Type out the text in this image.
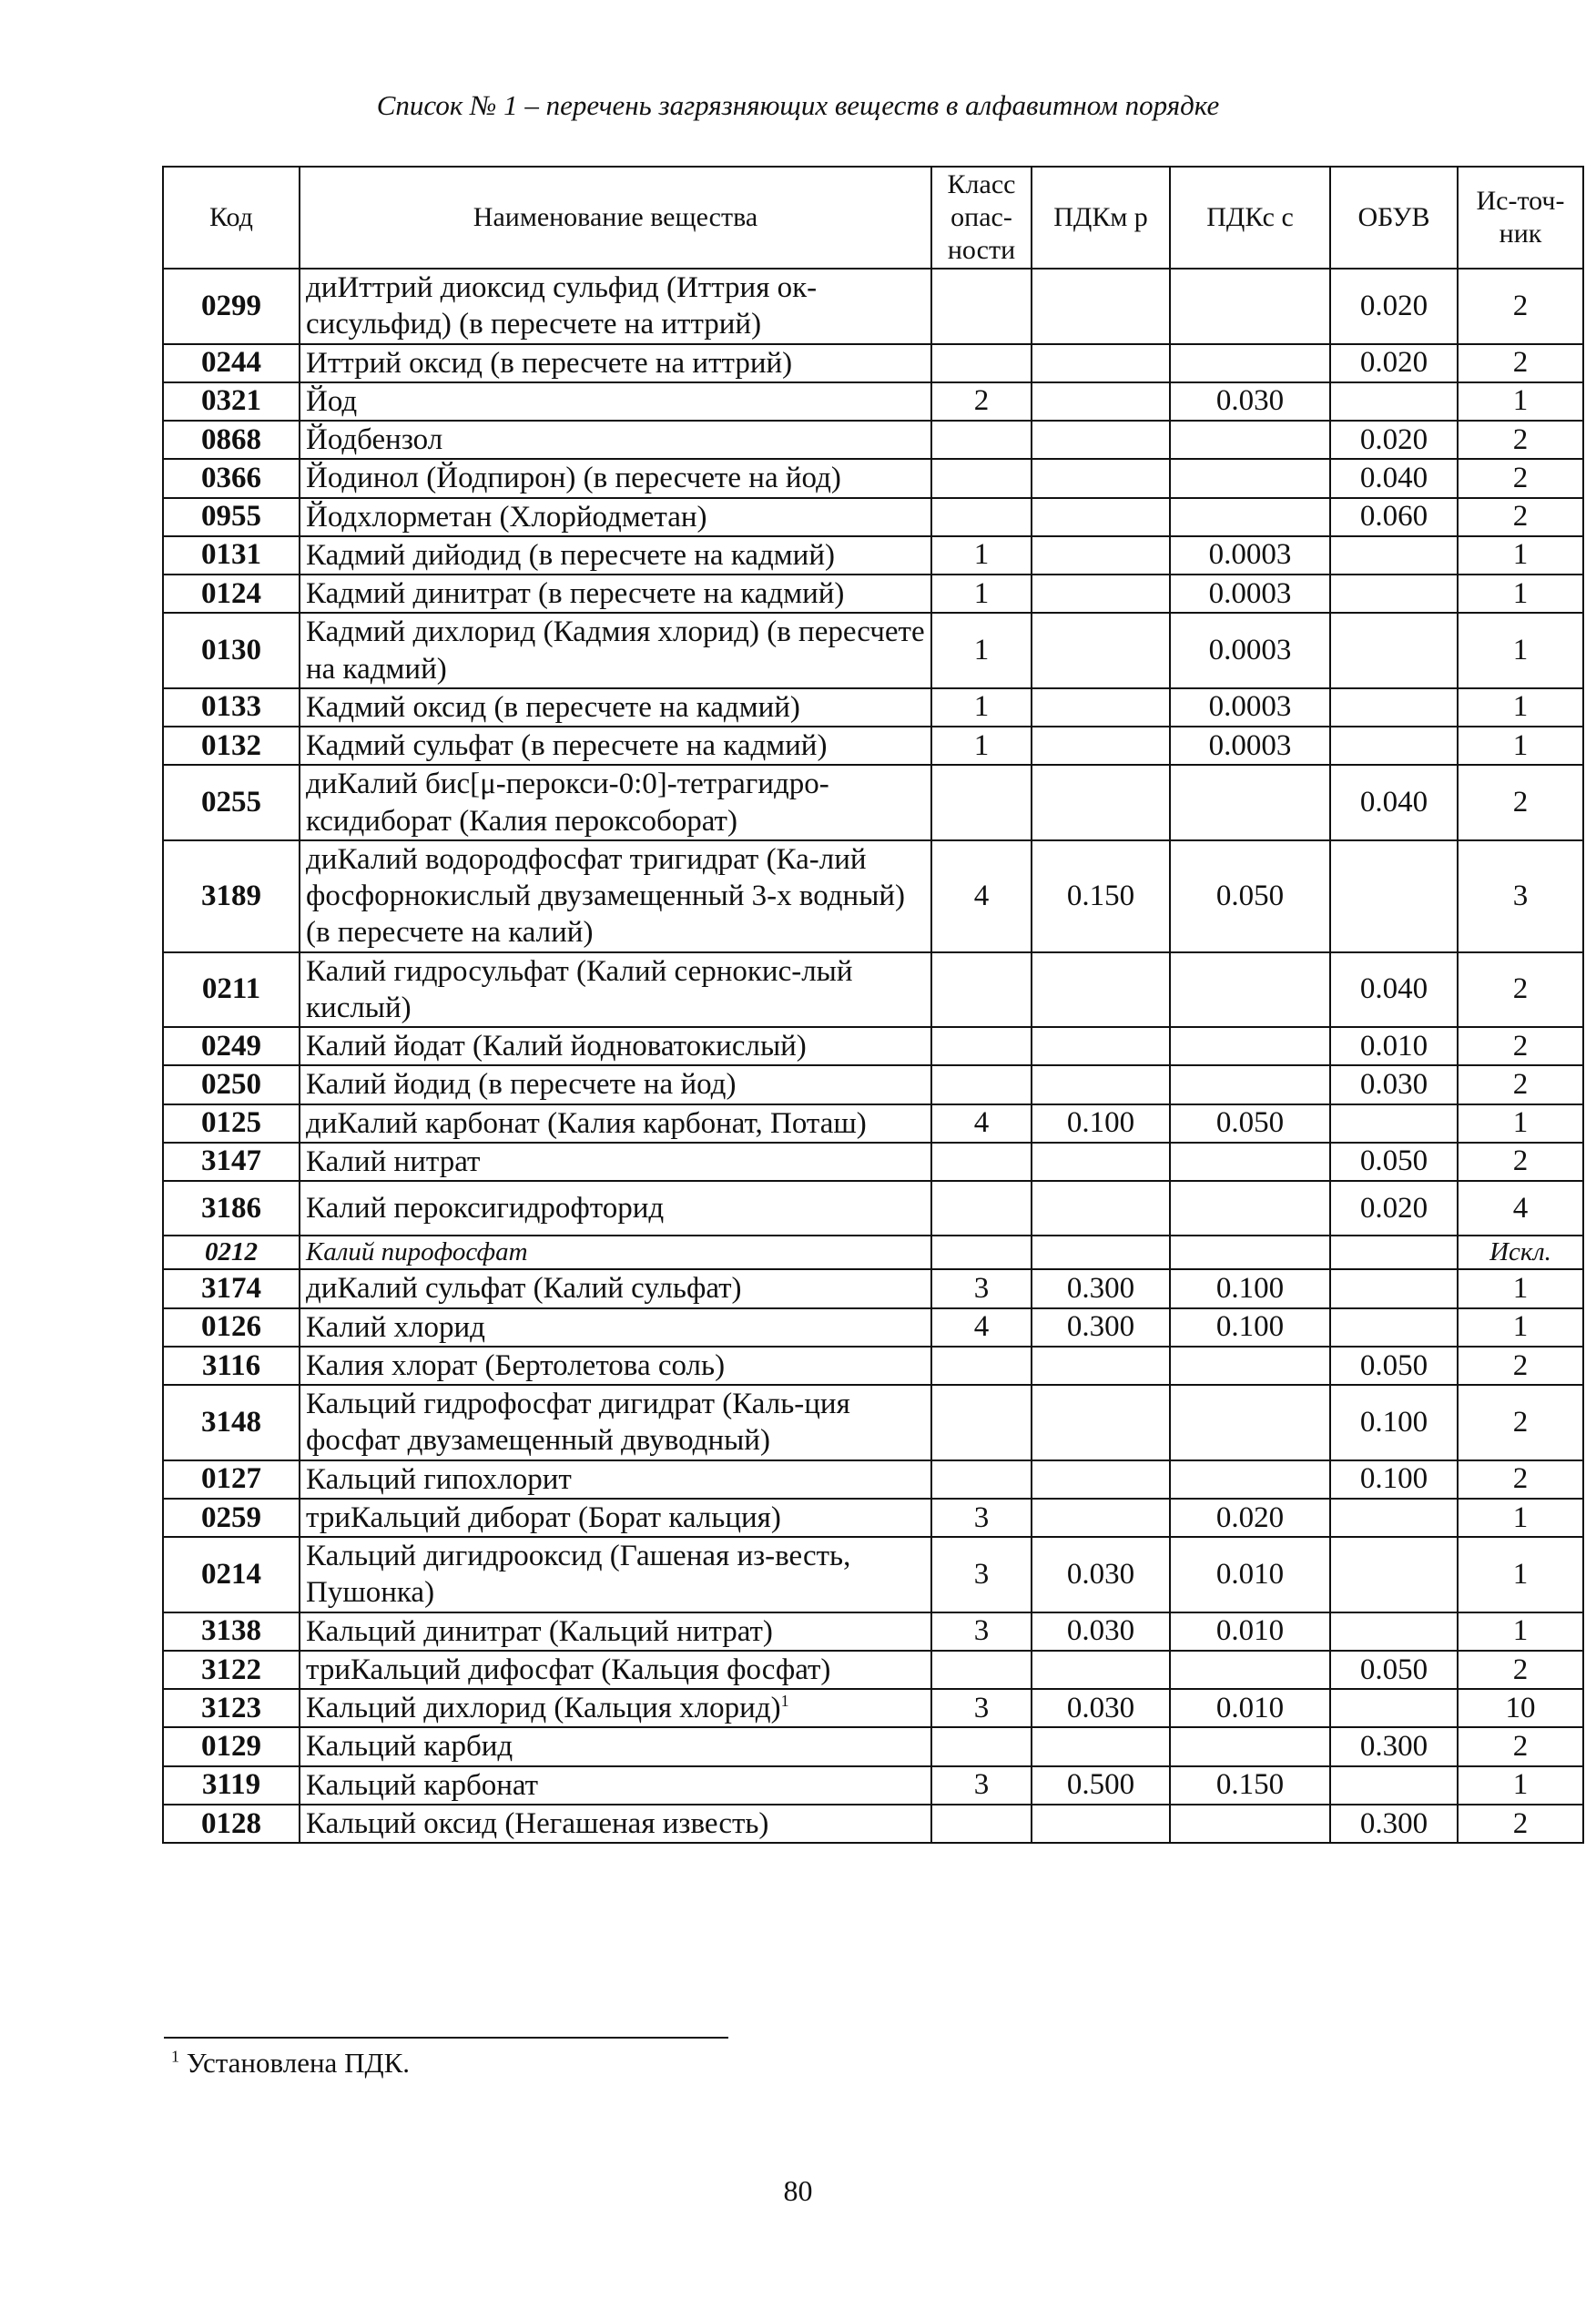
Список № 1 – перечень загрязняющих веществ в алфавитном порядке
Код	Наименование вещества	Класс опас-ности	ПДКм р	ПДКс с	ОБУВ	Ис-точ-ник
0299	диИттрий диоксид сульфид (Иттрия ок-сисульфид) (в пересчете на иттрий)				0.020	2
0244	Иттрий оксид (в пересчете на иттрий)				0.020	2
0321	Йод	2		0.030		1
0868	Йодбензол				0.020	2
0366	Йодинол (Йодпирон) (в пересчете на йод)				0.040	2
0955	Йодхлорметан (Хлорйодметан)				0.060	2
0131	Кадмий дийодид (в пересчете на кадмий)	1		0.0003		1
0124	Кадмий динитрат (в пересчете на кадмий)	1		0.0003		1
0130	Кадмий дихлорид (Кадмия хлорид) (в пересчете на кадмий)	1		0.0003		1
0133	Кадмий оксид (в пересчете на кадмий)	1		0.0003		1
0132	Кадмий сульфат (в пересчете на кадмий)	1		0.0003		1
0255	диКалий бис[μ-перокси-0:0]-тетрагидро-ксидиборат (Калия пероксоборат)				0.040	2
3189	диКалий водородфосфат тригидрат (Ка-лий фосфорнокислый двузамещенный 3-х водный) (в пересчете на калий)	4	0.150	0.050		3
0211	Калий гидросульфат (Калий сернокис-лый кислый)				0.040	2
0249	Калий йодат (Калий йодноватокислый)				0.010	2
0250	Калий йодид (в пересчете на йод)				0.030	2
0125	диКалий карбонат (Калия карбонат, Поташ)	4	0.100	0.050		1
3147	Калий нитрат				0.050	2
3186	Калий пероксигидрофторид				0.020	4
0212	Калий пирофосфат					Искл.
3174	диКалий сульфат (Калий сульфат)	3	0.300	0.100		1
0126	Калий хлорид	4	0.300	0.100		1
3116	Калия хлорат (Бертолетова соль)				0.050	2
3148	Кальций гидрофосфат дигидрат (Каль-ция фосфат двузамещенный двуводный)				0.100	2
0127	Кальций гипохлорит				0.100	2
0259	триКальций диборат (Борат кальция)	3		0.020		1
0214	Кальций дигидрооксид (Гашеная из-весть, Пушонка)	3	0.030	0.010		1
3138	Кальций динитрат (Кальций нитрат)	3	0.030	0.010		1
3122	триКальций дифосфат (Кальция фосфат)				0.050	2
3123	Кальций дихлорид (Кальция хлорид)$^1$	3	0.030	0.010		10
0129	Кальций карбид				0.300	2
3119	Кальций карбонат	3	0.500	0.150		1
0128	Кальций оксид (Негашеная известь)				0.300	2
$^1$ Установлена ПДК.
80
